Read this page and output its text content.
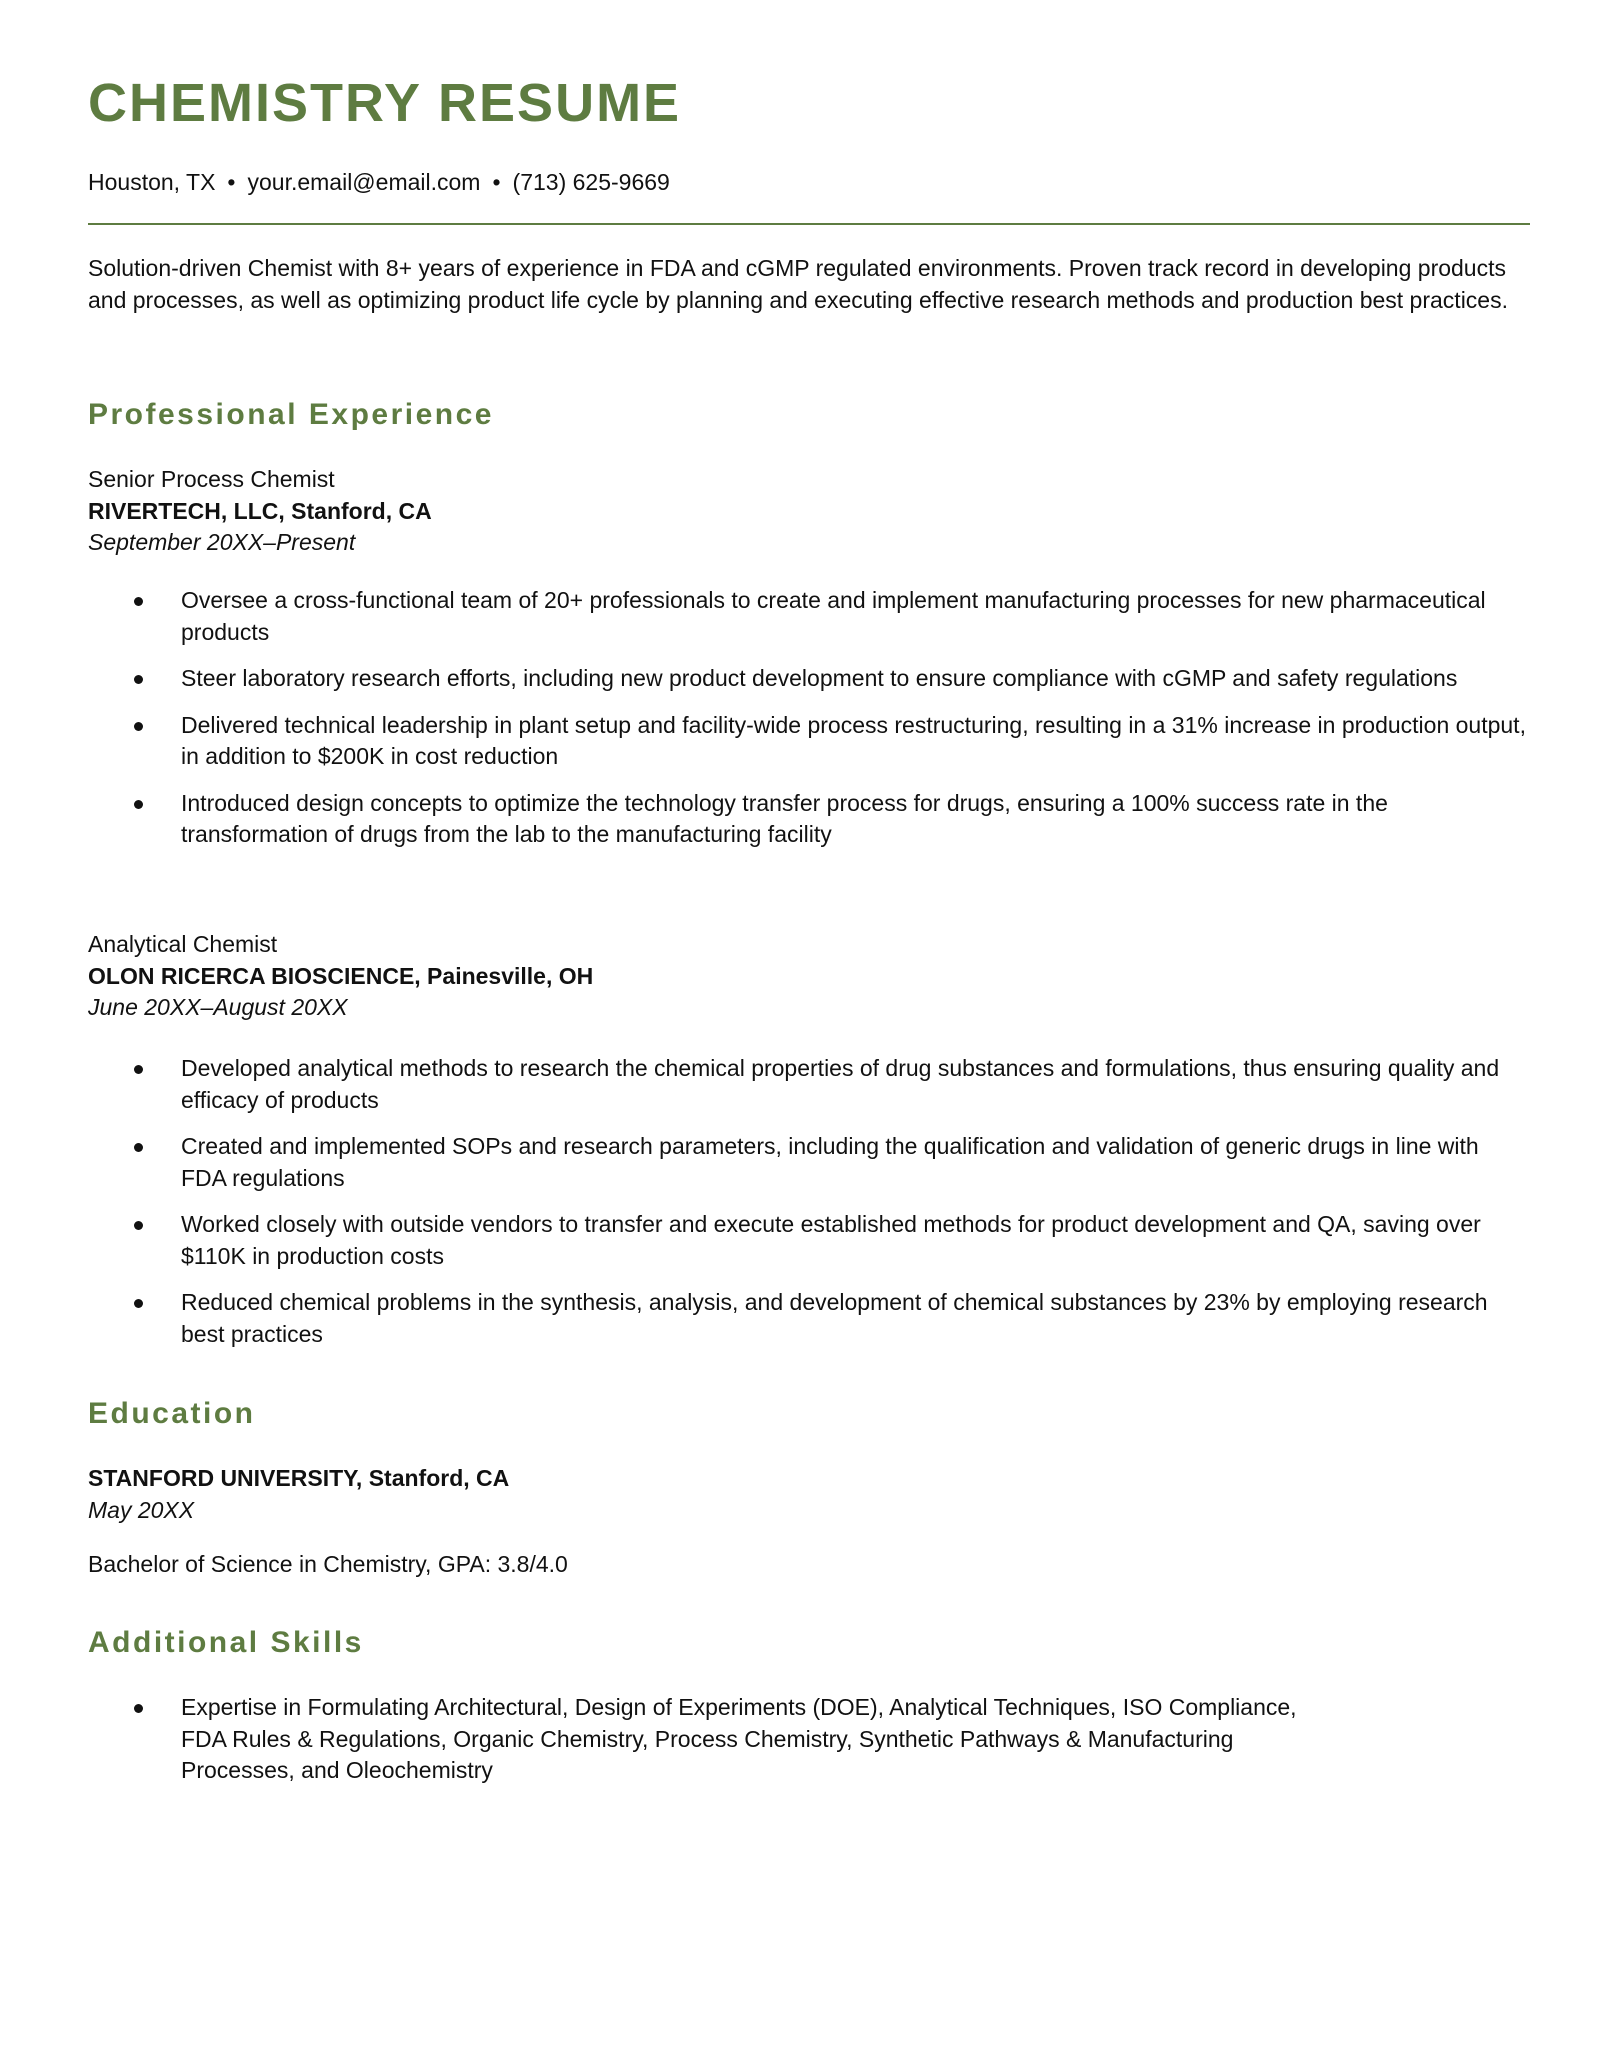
CHEMISTRY RESUME
Houston, TX • your.email@email.com • (713) 625-9669
Solution-driven Chemist with 8+ years of experience in FDA and cGMP regulated environments. Proven track record in developing products and processes, as well as optimizing product life cycle by planning and executing effective research methods and production best practices.
Professional Experience
Senior Process Chemist
RIVERTECH, LLC, Stanford, CA
September 20XX–Present
Oversee a cross-functional team of 20+ professionals to create and implement manufacturing processes for new pharmaceutical products
Steer laboratory research efforts, including new product development to ensure compliance with cGMP and safety regulations
Delivered technical leadership in plant setup and facility-wide process restructuring, resulting in a 31% increase in production output, in addition to $200K in cost reduction
Introduced design concepts to optimize the technology transfer process for drugs, ensuring a 100% success rate in the transformation of drugs from the lab to the manufacturing facility
Analytical Chemist
OLON RICERCA BIOSCIENCE, Painesville, OH
June 20XX–August 20XX
Developed analytical methods to research the chemical properties of drug substances and formulations, thus ensuring quality and efficacy of products
Created and implemented SOPs and research parameters, including the qualification and validation of generic drugs in line with FDA regulations
Worked closely with outside vendors to transfer and execute established methods for product development and QA, saving over $110K in production costs
Reduced chemical problems in the synthesis, analysis, and development of chemical substances by 23% by employing research best practices
Education
STANFORD UNIVERSITY, Stanford, CA
May 20XX
Bachelor of Science in Chemistry, GPA: 3.8/4.0
Additional Skills
Expertise in Formulating Architectural, Design of Experiments (DOE), Analytical Techniques, ISO Compliance, FDA Rules & Regulations, Organic Chemistry, Process Chemistry, Synthetic Pathways & Manufacturing Processes, and Oleochemistry
